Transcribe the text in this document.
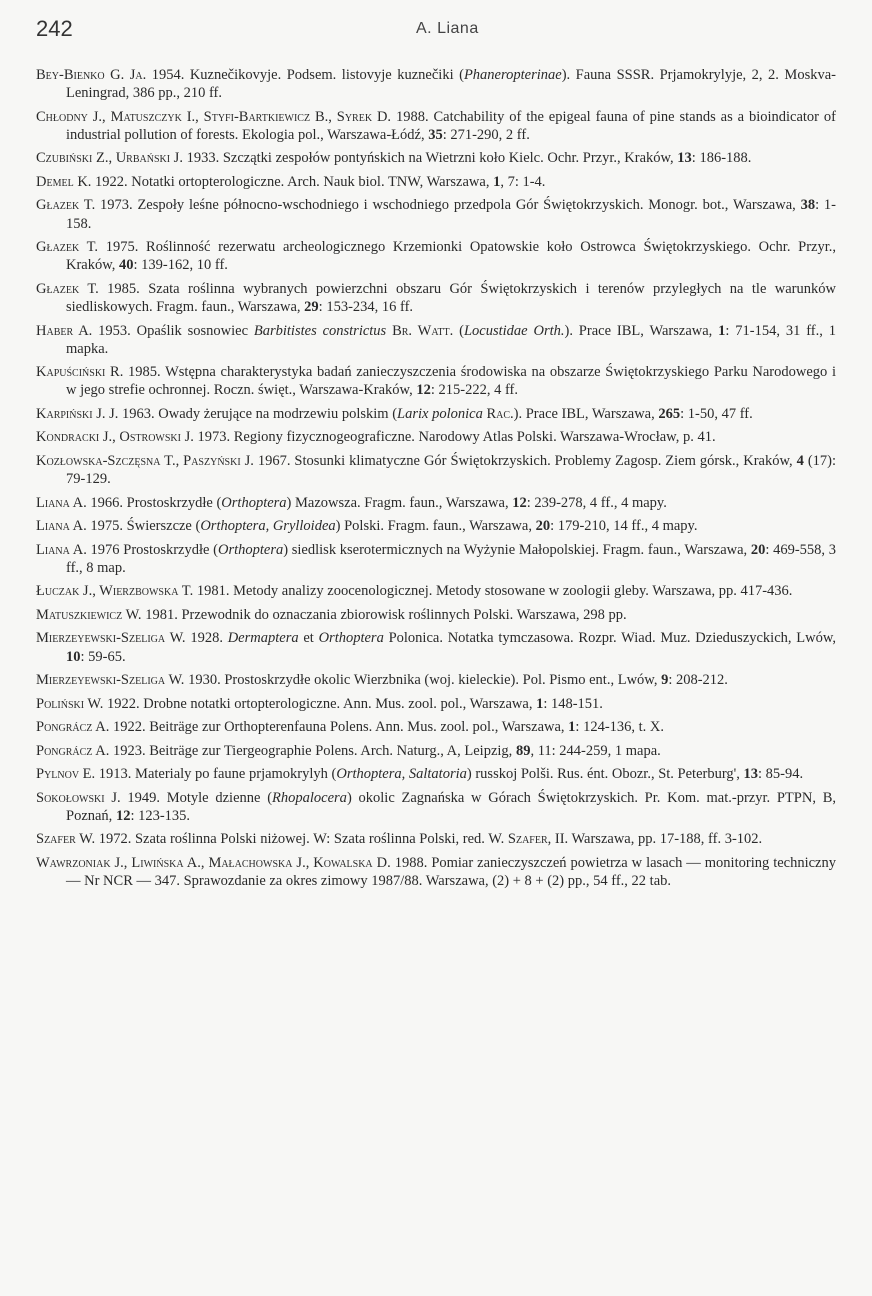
242	A. Liana

Bey-Bienko G. Ja. 1954. Kuznečikovyje. Podsem. listovyje kuznečiki (Phaneropterinae). Fauna SSSR. Prjamokrylyje, 2, 2. Moskva-Leningrad, 386 pp., 210 ff.

Chłodny J., Matuszczyk I., Styfi-Bartkiewicz B., Syrek D. 1988. Catchability of the epigeal fauna of pine stands as a bioindicator of industrial pollution of forests. Ekologia pol., Warszawa-Łódź, 35: 271-290, 2 ff.

Czubiński Z., Urbański J. 1933. Szczątki zespołów pontyńskich na Wietrzni koło Kielc. Ochr. Przyr., Kraków, 13: 186-188.

Demel K. 1922. Notatki ortopterologiczne. Arch. Nauk biol. TNW, Warszawa, 1, 7: 1-4.

Głazek T. 1973. Zespoły leśne północno-wschodniego i wschodniego przedpola Gór Świętokrzyskich. Monogr. bot., Warszawa, 38: 1-158.

Głazek T. 1975. Roślinność rezerwatu archeologicznego Krzemionki Opatowskie koło Ostrowca Świętokrzyskiego. Ochr. Przyr., Kraków, 40: 139-162, 10 ff.

Głazek T. 1985. Szata roślinna wybranych powierzchni obszaru Gór Świętokrzyskich i terenów przyległych na tle warunków siedliskowych. Fragm. faun., Warszawa, 29: 153-234, 16 ff.

Haber A. 1953. Opaślik sosnowiec Barbitistes constrictus Br. Watt. (Locustidae Orth.). Prace IBL, Warszawa, 1: 71-154, 31 ff., 1 mapka.

Kapuściński R. 1985. Wstępna charakterystyka badań zanieczyszczenia środowiska na obszarze Świętokrzyskiego Parku Narodowego i w jego strefie ochronnej. Roczn. święt., Warszawa-Kraków, 12: 215-222, 4 ff.

Karpiński J. J. 1963. Owady żerujące na modrzewiu polskim (Larix polonica Rac.). Prace IBL, Warszawa, 265: 1-50, 47 ff.

Kondracki J., Ostrowski J. 1973. Regiony fizycznogeograficzne. Narodowy Atlas Polski. Warszawa-Wrocław, p. 41.

Kozłowska-Szczęsna T., Paszyński J. 1967. Stosunki klimatyczne Gór Świętokrzyskich. Problemy Zagosp. Ziem górsk., Kraków, 4 (17): 79-129.

Liana A. 1966. Prostoskrzydłe (Orthoptera) Mazowsza. Fragm. faun., Warszawa, 12: 239-278, 4 ff., 4 mapy.

Liana A. 1975. Świerszcze (Orthoptera, Grylloidea) Polski. Fragm. faun., Warszawa, 20: 179-210, 14 ff., 4 mapy.

Liana A. 1976 Prostoskrzydłe (Orthoptera) siedlisk kserotermicznych na Wyżynie Małopolskiej. Fragm. faun., Warszawa, 20: 469-558, 3 ff., 8 map.

Łuczak J., Wierzbowska T. 1981. Metody analizy zoocenologicznej. Metody stosowane w zoologii gleby. Warszawa, pp. 417-436.

Matuszkiewicz W. 1981. Przewodnik do oznaczania zbiorowisk roślinnych Polski. Warszawa, 298 pp.

Mierzeyewski-Szeliga W. 1928. Dermaptera et Orthoptera Polonica. Notatka tymczasowa. Rozpr. Wiad. Muz. Dzieduszyckich, Lwów, 10: 59-65.

Mierzeyewski-Szeliga W. 1930. Prostoskrzydłe okolic Wierzbnika (woj. kieleckie). Pol. Pismo ent., Lwów, 9: 208-212.

Poliński W. 1922. Drobne notatki ortopterologiczne. Ann. Mus. zool. pol., Warszawa, 1: 148-151.

Pongrácz A. 1922. Beiträge zur Orthopterenfauna Polens. Ann. Mus. zool. pol., Warszawa, 1: 124-136, t. X.

Pongrácz A. 1923. Beiträge zur Tiergeographie Polens. Arch. Naturg., A, Leipzig, 89, 11: 244-259, 1 mapa.

Pylnov E. 1913. Materialy po faune prjamokrylyh (Orthoptera, Saltatoria) russkoj Polši. Rus. ént. Obozr., St. Peterburg', 13: 85-94.

Sokołowski J. 1949. Motyle dzienne (Rhopalocera) okolic Zagnańska w Górach Świętokrzyskich. Pr. Kom. mat.-przyr. PTPN, B, Poznań, 12: 123-135.

Szafer W. 1972. Szata roślinna Polski niżowej. W: Szata roślinna Polski, red. W. Szafer, II. Warszawa, pp. 17-188, ff. 3-102.

Wawrzoniak J., Liwińska A., Małachowska J., Kowalska D. 1988. Pomiar zanieczyszczeń powietrza w lasach — monitoring techniczny — Nr NCR — 347. Sprawozdanie za okres zimowy 1987/88. Warszawa, (2) + 8 + (2) pp., 54 ff., 22 tab.
